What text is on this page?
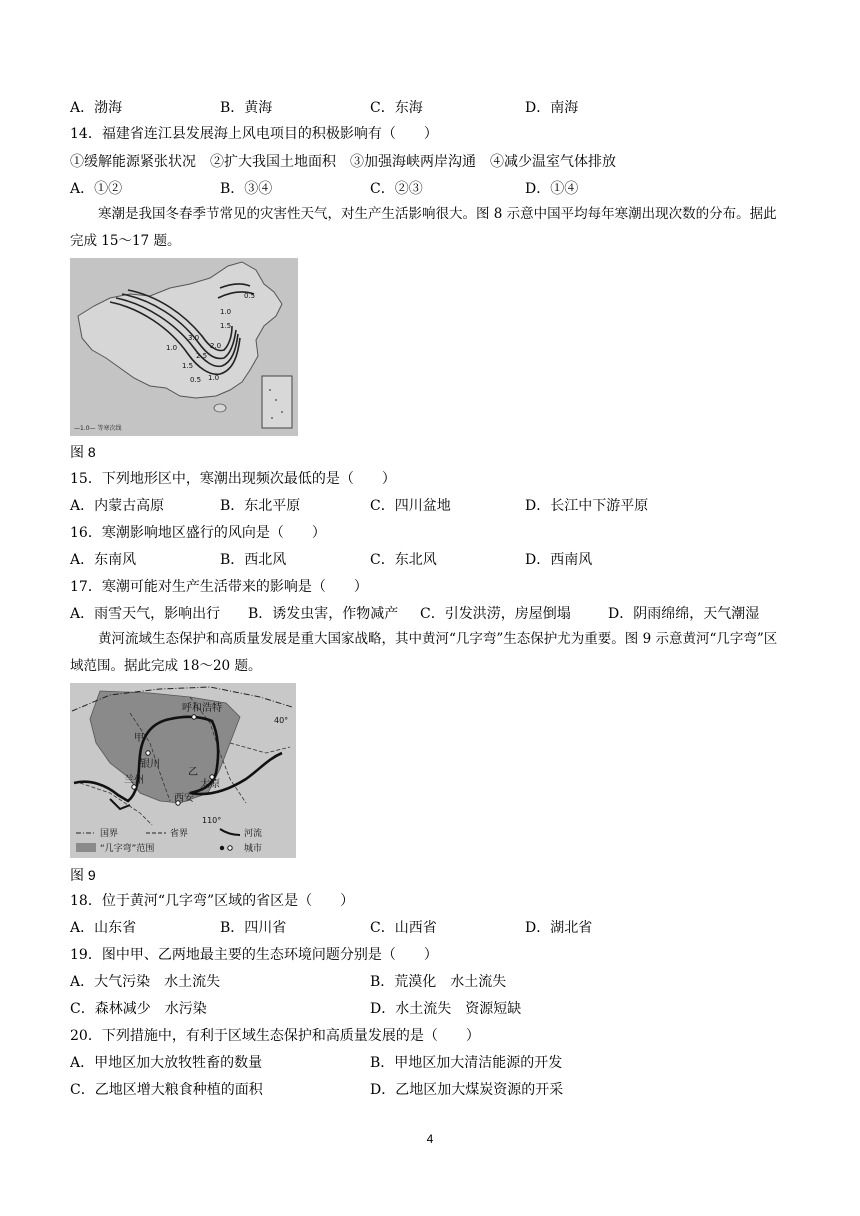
A．渤海	B．黄海	C．东海	D．南海
14．福建省连江县发展海上风电项目的积极影响有（　　）
①缓解能源紧张状况　②扩大我国土地面积　③加强海峡两岸沟通　④减少温室气体排放
A．①②	B．③④	C．②③	D．①④
寒潮是我国冬春季节常见的灾害性天气，对生产生活影响很大。图 8 示意中国平均每年寒潮出现次数的分布。据此完成 15～17 题。
0.5
1.0
1.5
2.0
2.5
3.0
1.0
0.5
1.5
1.0
—1.0— 等寒次线
图 8
15．下列地形区中，寒潮出现频次最低的是（　　）
A．内蒙古高原	B．东北平原	C．四川盆地	D．长江中下游平原
16．寒潮影响地区盛行的风向是（　　）
A．东南风	B．西北风	C．东北风	D．西南风
17．寒潮可能对生产生活带来的影响是（　　）
A．雨雪天气，影响出行 B．诱发虫害，作物减产 C．引发洪涝，房屋倒塌	D．阴雨绵绵，天气潮湿
黄河流域生态保护和高质量发展是重大国家战略，其中黄河“几字弯”生态保护尤为重要。图 9 示意黄河“几字弯”区域范围。据此完成 18～20 题。
呼和浩特
甲
银川
乙
太原
兰州
西安
40°
110°
国界	省界	河流
“几字弯”范围	城市
图 9
18．位于黄河“几字弯”区域的省区是（　　）
A．山东省	B．四川省	C．山西省	D．湖北省
19．图中甲、乙两地最主要的生态环境问题分别是（　　）
A．大气污染　水土流失	B．荒漠化　水土流失
C．森林减少　水污染	D．水土流失　资源短缺
20．下列措施中，有利于区域生态保护和高质量发展的是（　　）
A．甲地区加大放牧牲畜的数量	B．甲地区加大清洁能源的开发
C．乙地区增大粮食种植的面积	D．乙地区加大煤炭资源的开采
4
